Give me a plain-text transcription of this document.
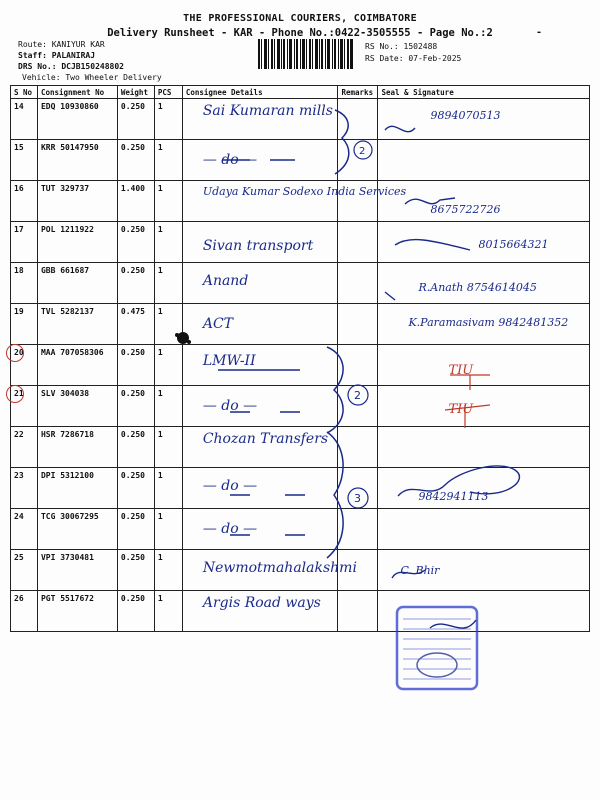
THE PROFESSIONAL COURIERS, COIMBATORE
Delivery Runsheet - KAR - Phone No.:0422-3505555 - Page No.:2	-
Route: KANIYUR KAR
Staff: PALANIRAJ
DRS No.: DCJB150248802
Vehicle: Two Wheeler Delivery
RS No.: 1502488
RS Date: 07-Feb-2025
S No	Consignment No	Weight	PCS	Consignee Details	Remarks	Seal & Signature
14	EDQ 10930860	0.250	1	Sai Kumaran mills		9894070513

15	KRR 50147950	0.250	1	— do —		

16	TUT 329737	1.400	1	Udaya Kumar Sodexo India Services		8675722726

17	POL 1211922	0.250	1	Sivan transport		8015664321

18	GBB 661687	0.250	1	Anand		R.Anath 8754614045

19	TVL 5282137	0.475	1	ACT		K.Paramasivam 9842481352

20	MAA 707058306	0.250	1	LMW-II		TIU

21	SLV 304038	0.250	1	— do —		TIU

22	HSR 7286718	0.250	1	Chozan Transfers		

23	DPI 5312100	0.250	1	— do —		9842941113

24	TCG 30067295	0.250	1	— do —		

25	VPI 3730481	0.250	1	Newmotmahalakshmi		C. Bhir

26	PGT 5517672	0.250	1	Argis Road ways		

2
2
3
